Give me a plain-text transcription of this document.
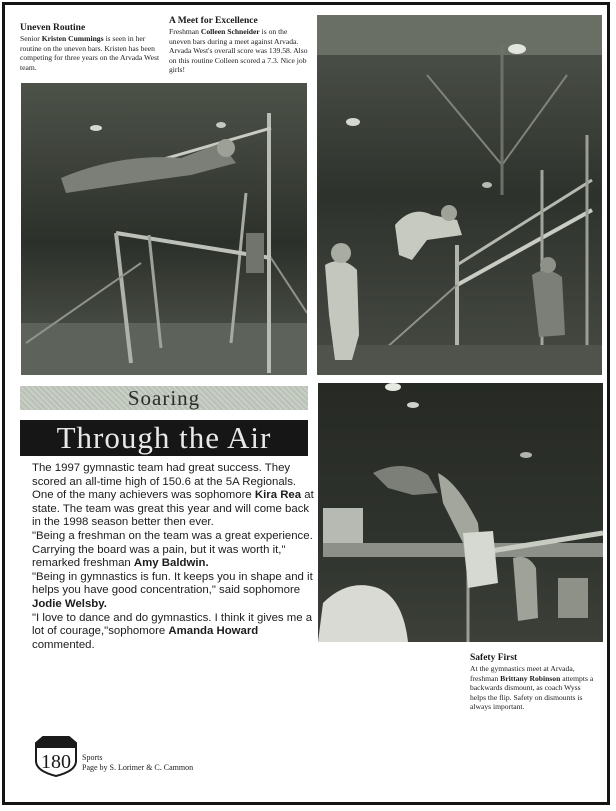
Uneven Routine
Senior Kristen Cummings is seen in her routine on the uneven bars. Kristen has been competing for three years on the Arvada West team.
A Meet for Excellence
Freshman Colleen Schneider is on the uneven bars during a meet against Arvada. Arvada West's overall score was 139.58. Also on this routine Colleen scored a 7.3. Nice job girls!
Soaring
Through the Air

The 1997 gymnastic team had great success. They scored an all-time high of 150.6 at the 5A Regionals. One of the many achievers was sophomore Kira Rea at state. The team was great this year and will come back in the 1998 season better then ever.

"Being a freshman on the team was a great experience. Carrying the board was a pain, but it was worth it," remarked freshman Amy Baldwin.

"Being in gymnastics is fun. It keeps you in shape and it helps you have good concentration," said sophomore Jodie Welsby.

"I love to dance and do gymnastics. I think it gives me a lot of courage,"sophomore Amanda Howard commented.

Safety First
At the gymnastics meet at Arvada, freshman Brittany Robinson attempts a backwards dismount, as coach Wyss helps the flip. Safety on dismounts is always important.
180 Sports
Page by S. Lorimer & C. Cammon
